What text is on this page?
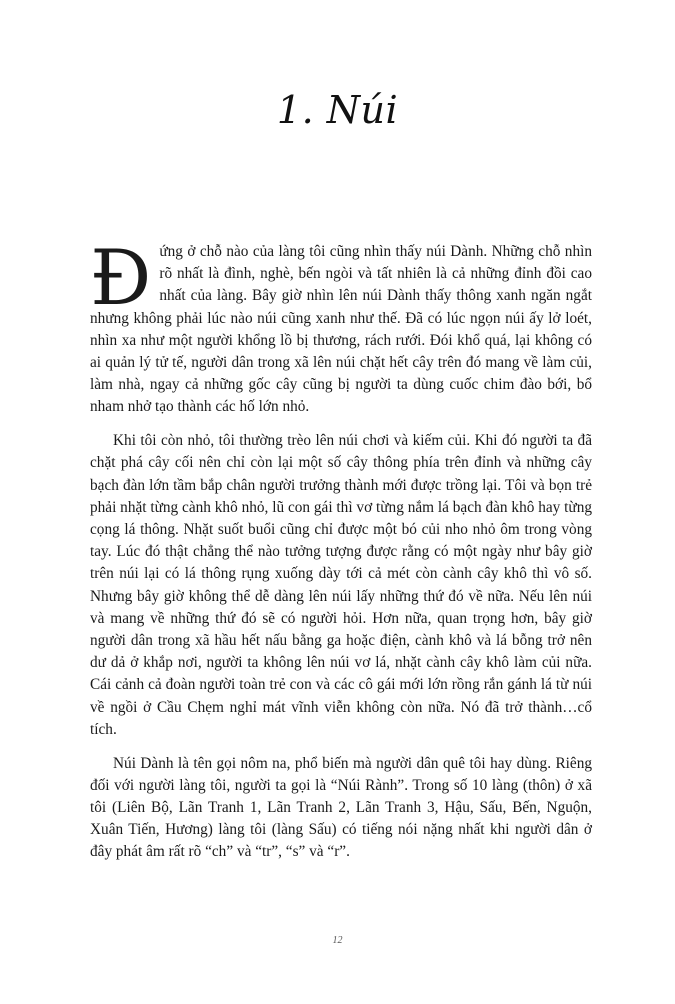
1. Núi

Đứng ở chỗ nào của làng tôi cũng nhìn thấy núi Dành. Những chỗ nhìn rõ nhất là đình, nghè, bến ngòi và tất nhiên là cả những đỉnh đồi cao nhất của làng. Bây giờ nhìn lên núi Dành thấy thông xanh ngăn ngắt nhưng không phải lúc nào núi cũng xanh như thế. Đã có lúc ngọn núi ấy lở loét, nhìn xa như một người khổng lồ bị thương, rách rưới. Đói khổ quá, lại không có ai quản lý tử tế, người dân trong xã lên núi chặt hết cây trên đó mang về làm củi, làm nhà, ngay cả những gốc cây cũng bị người ta dùng cuốc chim đào bới, bổ nham nhở tạo thành các hố lớn nhỏ.

Khi tôi còn nhỏ, tôi thường trèo lên núi chơi và kiếm củi. Khi đó người ta đã chặt phá cây cối nên chỉ còn lại một số cây thông phía trên đỉnh và những cây bạch đàn lớn tầm bắp chân người trưởng thành mới được trồng lại. Tôi và bọn trẻ phải nhặt từng cành khô nhỏ, lũ con gái thì vơ từng nắm lá bạch đàn khô hay từng cọng lá thông. Nhặt suốt buổi cũng chỉ được một bó củi nho nhỏ ôm trong vòng tay. Lúc đó thật chẳng thể nào tưởng tượng được rằng có một ngày như bây giờ trên núi lại có lá thông rụng xuống dày tới cả mét còn cành cây khô thì vô số. Nhưng bây giờ không thể dễ dàng lên núi lấy những thứ đó về nữa. Nếu lên núi và mang về những thứ đó sẽ có người hỏi. Hơn nữa, quan trọng hơn, bây giờ người dân trong xã hầu hết nấu bằng ga hoặc điện, cành khô và lá bỗng trở nên dư dả ở khắp nơi, người ta không lên núi vơ lá, nhặt cành cây khô làm củi nữa. Cái cảnh cả đoàn người toàn trẻ con và các cô gái mới lớn rồng rắn gánh lá từ núi về ngồi ở Cầu Chẹm nghỉ mát vĩnh viễn không còn nữa. Nó đã trở thành…cổ tích.

Núi Dành là tên gọi nôm na, phổ biến mà người dân quê tôi hay dùng. Riêng đối với người làng tôi, người ta gọi là “Núi Rành”. Trong số 10 làng (thôn) ở xã tôi (Liên Bộ, Lãn Tranh 1, Lãn Tranh 2, Lãn Tranh 3, Hậu, Sấu, Bến, Nguộn, Xuân Tiến, Hương) làng tôi (làng Sấu) có tiếng nói nặng nhất khi người dân ở đây phát âm rất rõ “ch” và “tr”, “s” và “r”.

12
